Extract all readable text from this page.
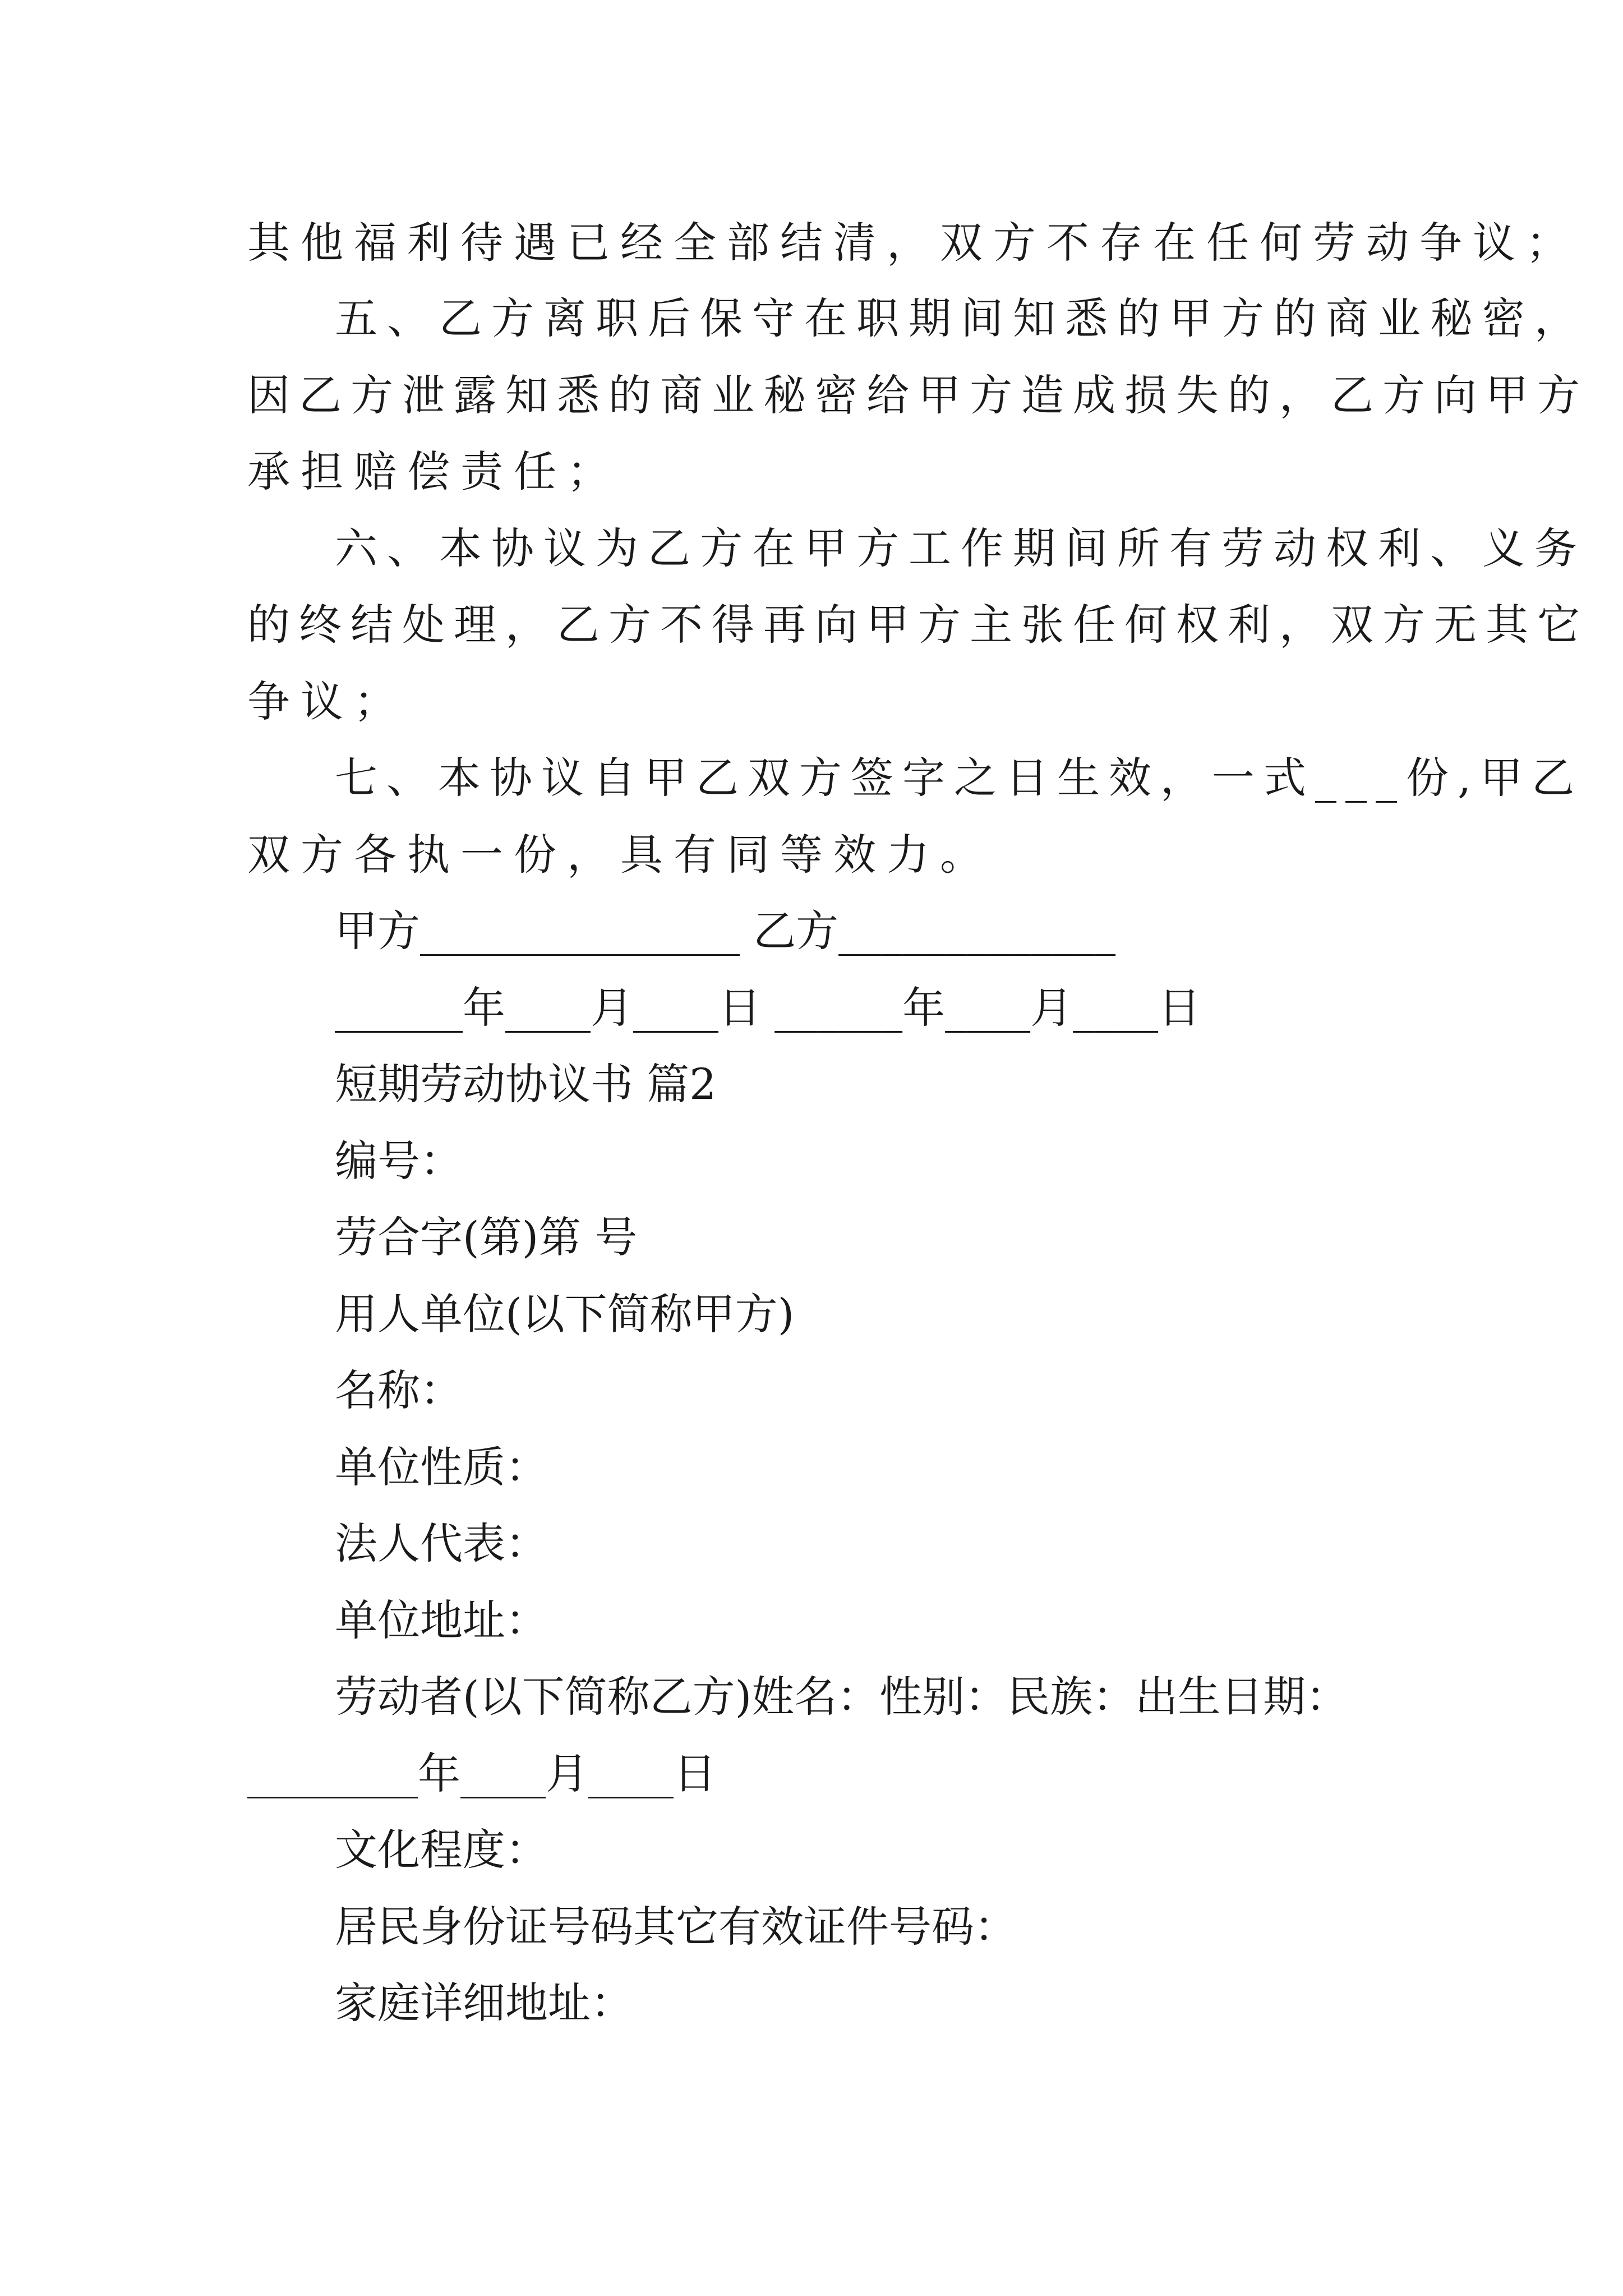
其他福利待遇已经全部结清，双方不存在任何劳动争议；
五、乙方离职后保守在职期间知悉的甲方的商业秘密，
因乙方泄露知悉的商业秘密给甲方造成损失的，乙方向甲方
承担赔偿责任；
六、本协议为乙方在甲方工作期间所有劳动权利、义务
的终结处理，乙方不得再向甲方主张任何权利，双方无其它
争议；
七、本协议自甲乙双方签字之日生效，一式___份,甲乙
双方各执一份，具有同等效力。
甲方_______________ 乙方_____________
______年____月____日 ______年____月____日
短期劳动协议书 篇2
编号：
劳合字(第)第 号
用人单位(以下简称甲方)
名称：
单位性质：
法人代表：
单位地址：
劳动者(以下简称乙方)姓名：性别：民族：出生日期：
________年____月____日
文化程度：
居民身份证号码其它有效证件号码：
家庭详细地址：
